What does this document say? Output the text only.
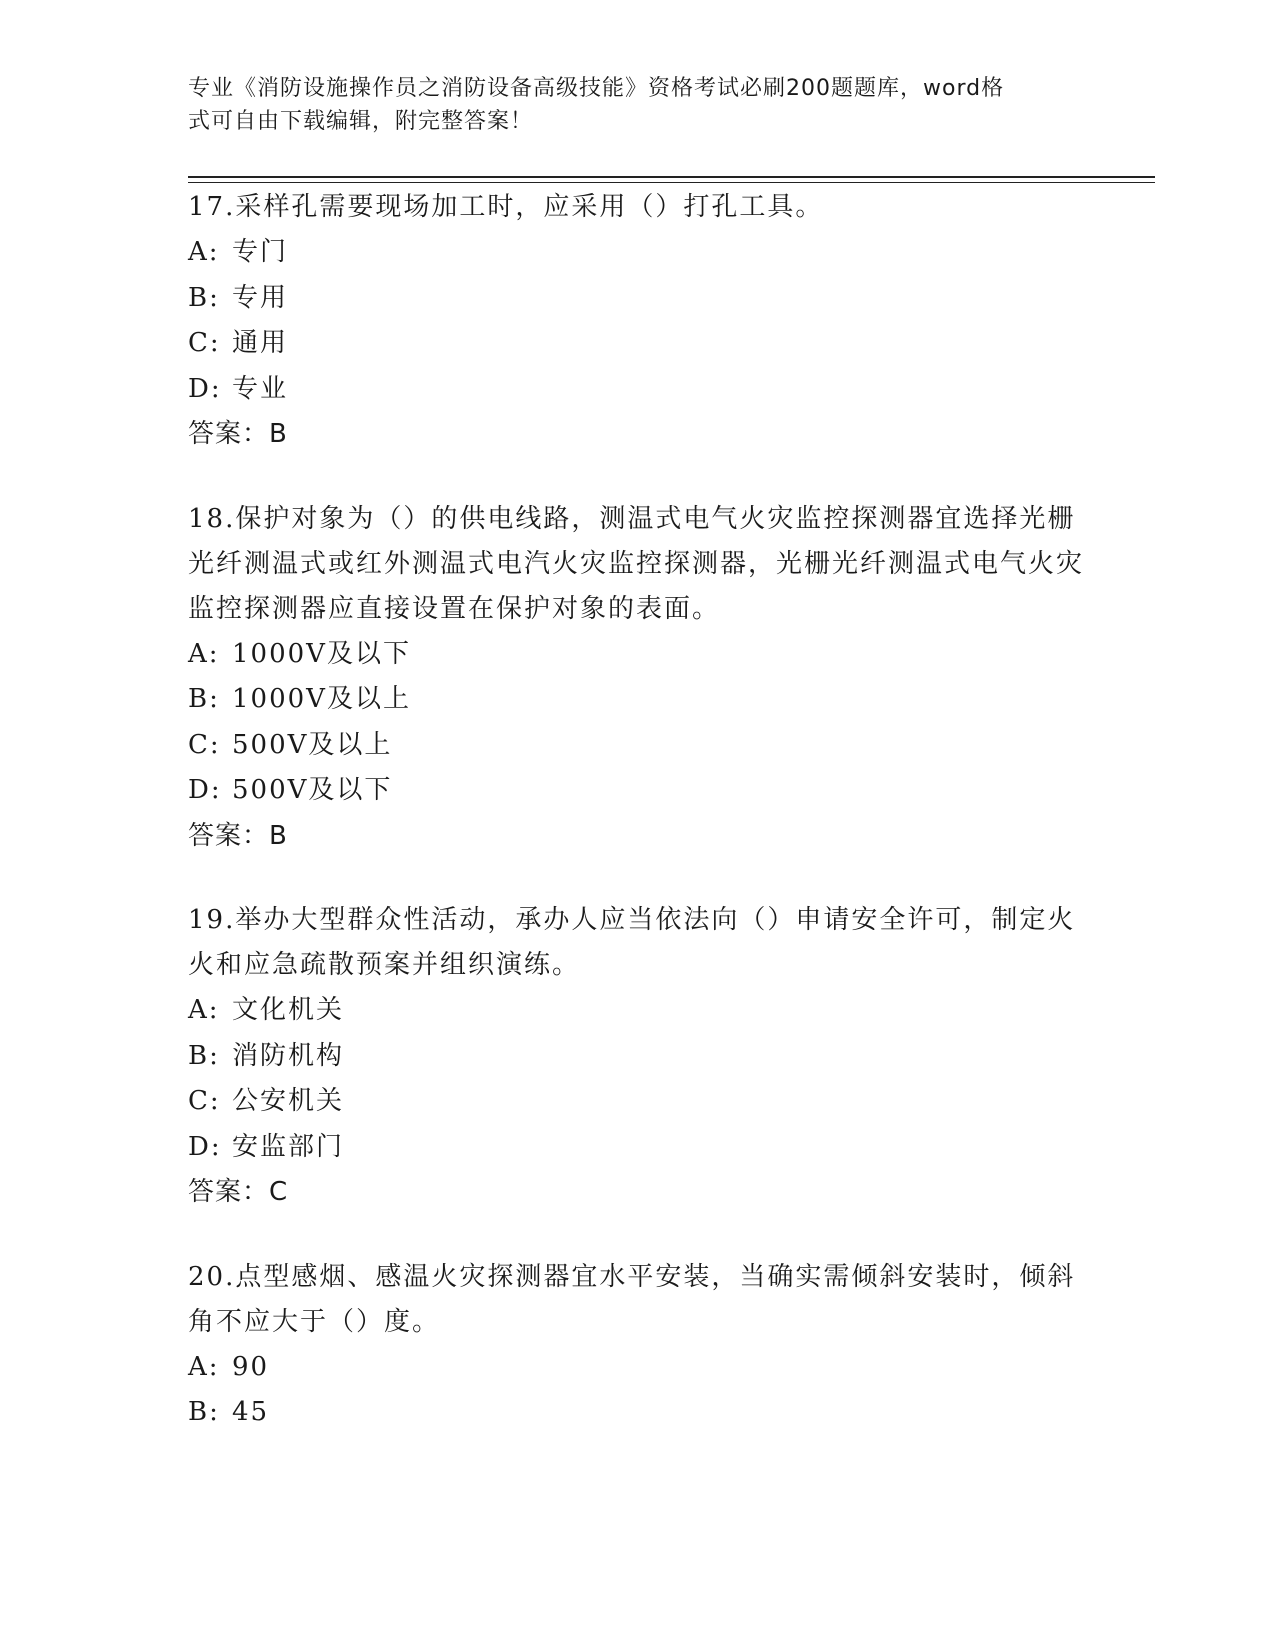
专业《消防设施操作员之消防设备高级技能》资格考试必刷200题题库，word格
式可自由下载编辑，附完整答案！
17.采样孔需要现场加工时，应采用（）打孔工具。
A: 专门
B: 专用
C: 通用
D: 专业
答案：B
18.保护对象为（）的供电线路，测温式电气火灾监控探测器宜选择光栅光纤测温式或红外测温式电汽火灾监控探测器，光栅光纤测温式电气火灾监控探测器应直接设置在保护对象的表面。
A: 1000V及以下
B: 1000V及以上
C: 500V及以上
D: 500V及以下
答案：B
19.举办大型群众性活动，承办人应当依法向（）申请安全许可，制定火火和应急疏散预案并组织演练。
A: 文化机关
B: 消防机构
C: 公安机关
D: 安监部门
答案：C
20.点型感烟、感温火灾探测器宜水平安装，当确实需倾斜安装时，倾斜角不应大于（）度。
A: 90
B: 45
